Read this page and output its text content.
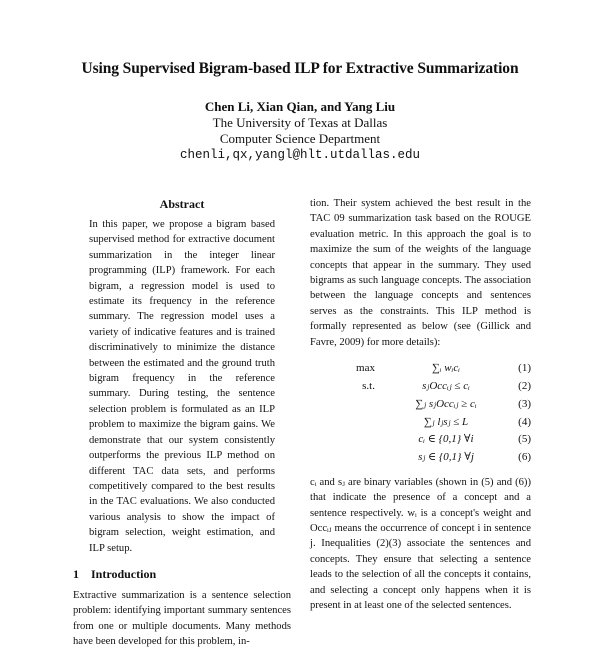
Using Supervised Bigram-based ILP for Extractive Summarization
Chen Li, Xian Qian, and Yang Liu
The University of Texas at Dallas
Computer Science Department
chenli,qx,yangl@hlt.utdallas.edu
Abstract

In this paper, we propose a bigram based supervised method for extractive document summarization in the integer linear programming (ILP) framework. For each bigram, a regression model is used to estimate its frequency in the reference summary. The regression model uses a variety of indicative features and is trained discriminatively to minimize the distance between the estimated and the ground truth bigram frequency in the reference summary. During testing, the sentence selection problem is formulated as an ILP problem to maximize the bigram gains. We demonstrate that our system consistently outperforms the previous ILP method on different TAC data sets, and performs competitively compared to the best results in the TAC evaluations. We also conducted various analysis to show the impact of bigram selection, weight estimation, and ILP setup.

1 Introduction

Extractive summarization is a sentence selection problem: identifying important summary sentences from one or multiple documents. Many methods have been developed for this problem, in-

tion. Their system achieved the best result in the TAC 09 summarization task based on the ROUGE evaluation metric. In this approach the goal is to maximize the sum of the weights of the language concepts that appear in the summary. They used bigrams as such language concepts. The association between the language concepts and sentences serves as the constraints. This ILP method is formally represented as below (see (Gillick and Favre, 2009) for more details):

max	∑ᵢ wᵢcᵢ	(1)
s.t.	sⱼOccᵢⱼ ≤ cᵢ	(2)
∑ⱼ sⱼOccᵢⱼ ≥ cᵢ	(3)
∑ⱼ lⱼsⱼ ≤ L	(4)
cᵢ ∈ {0,1} ∀i	(5)
sⱼ ∈ {0,1} ∀j	(6)

cᵢ and sⱼ are binary variables (shown in (5) and (6)) that indicate the presence of a concept and a sentence respectively. wᵢ is a concept's weight and Occᵢⱼ means the occurrence of concept i in sentence j. Inequalities (2)(3) associate the sentences and concepts. They ensure that selecting a sentence leads to the selection of all the concepts it contains, and selecting a concept only happens when it is present in at least one of the selected sentences.
